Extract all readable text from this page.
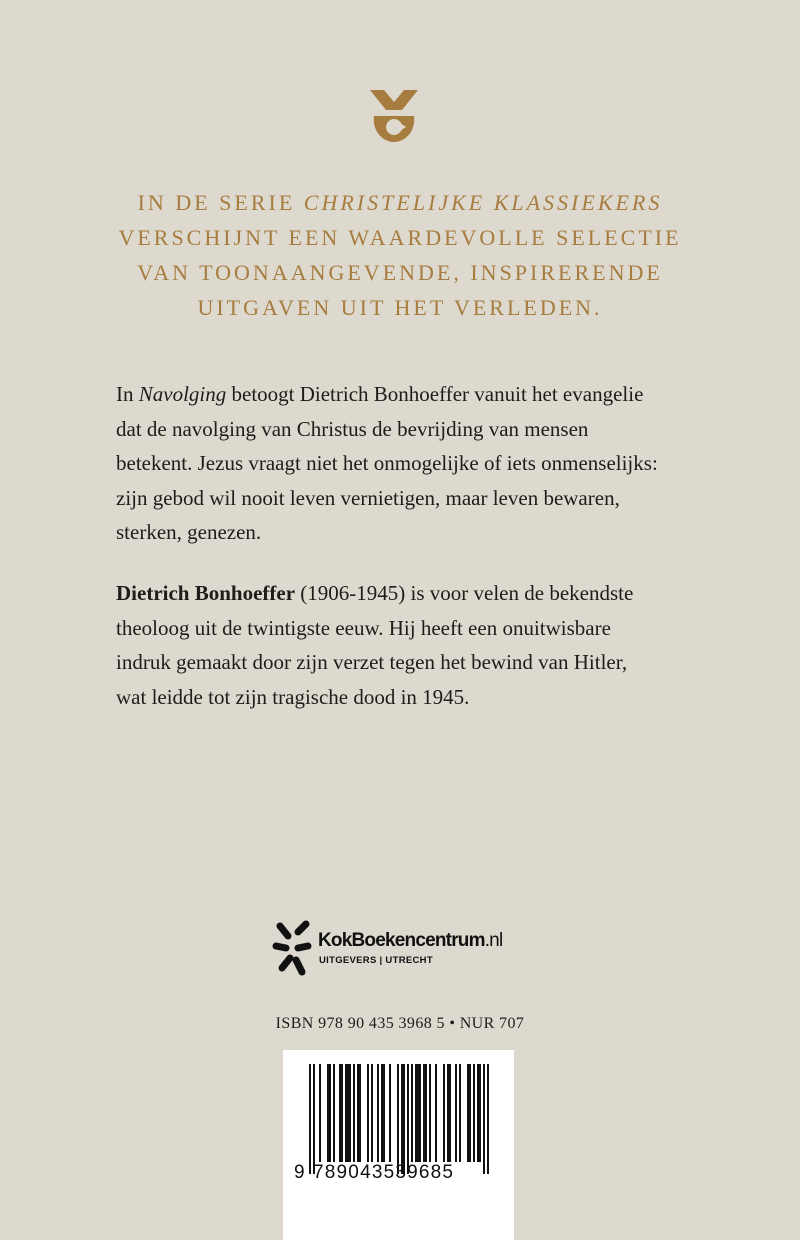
IN DE SERIE CHRISTELIJKE KLASSIEKERS
VERSCHIJNT EEN WAARDEVOLLE SELECTIE
VAN TOONAANGEVENDE, INSPIRERENDE
UITGAVEN UIT HET VERLEDEN.
In Navolging betoogt Dietrich Bonhoeffer vanuit het evangelie
dat de navolging van Christus de bevrijding van mensen
betekent. Jezus vraagt niet het onmogelijke of iets onmenselijks:
zijn gebod wil nooit leven vernietigen, maar leven bewaren,
sterken, genezen.
Dietrich Bonhoeffer (1906-1945) is voor velen de bekendste
theoloog uit de twintigste eeuw. Hij heeft een onuitwisbare
indruk gemaakt door zijn verzet tegen het bewind van Hitler,
wat leidde tot zijn tragische dood in 1945.
KokBoekencentrum.nl
UITGEVERS | UTRECHT
ISBN 978 90 435 3968 5 • NUR 707
9 789043539685
